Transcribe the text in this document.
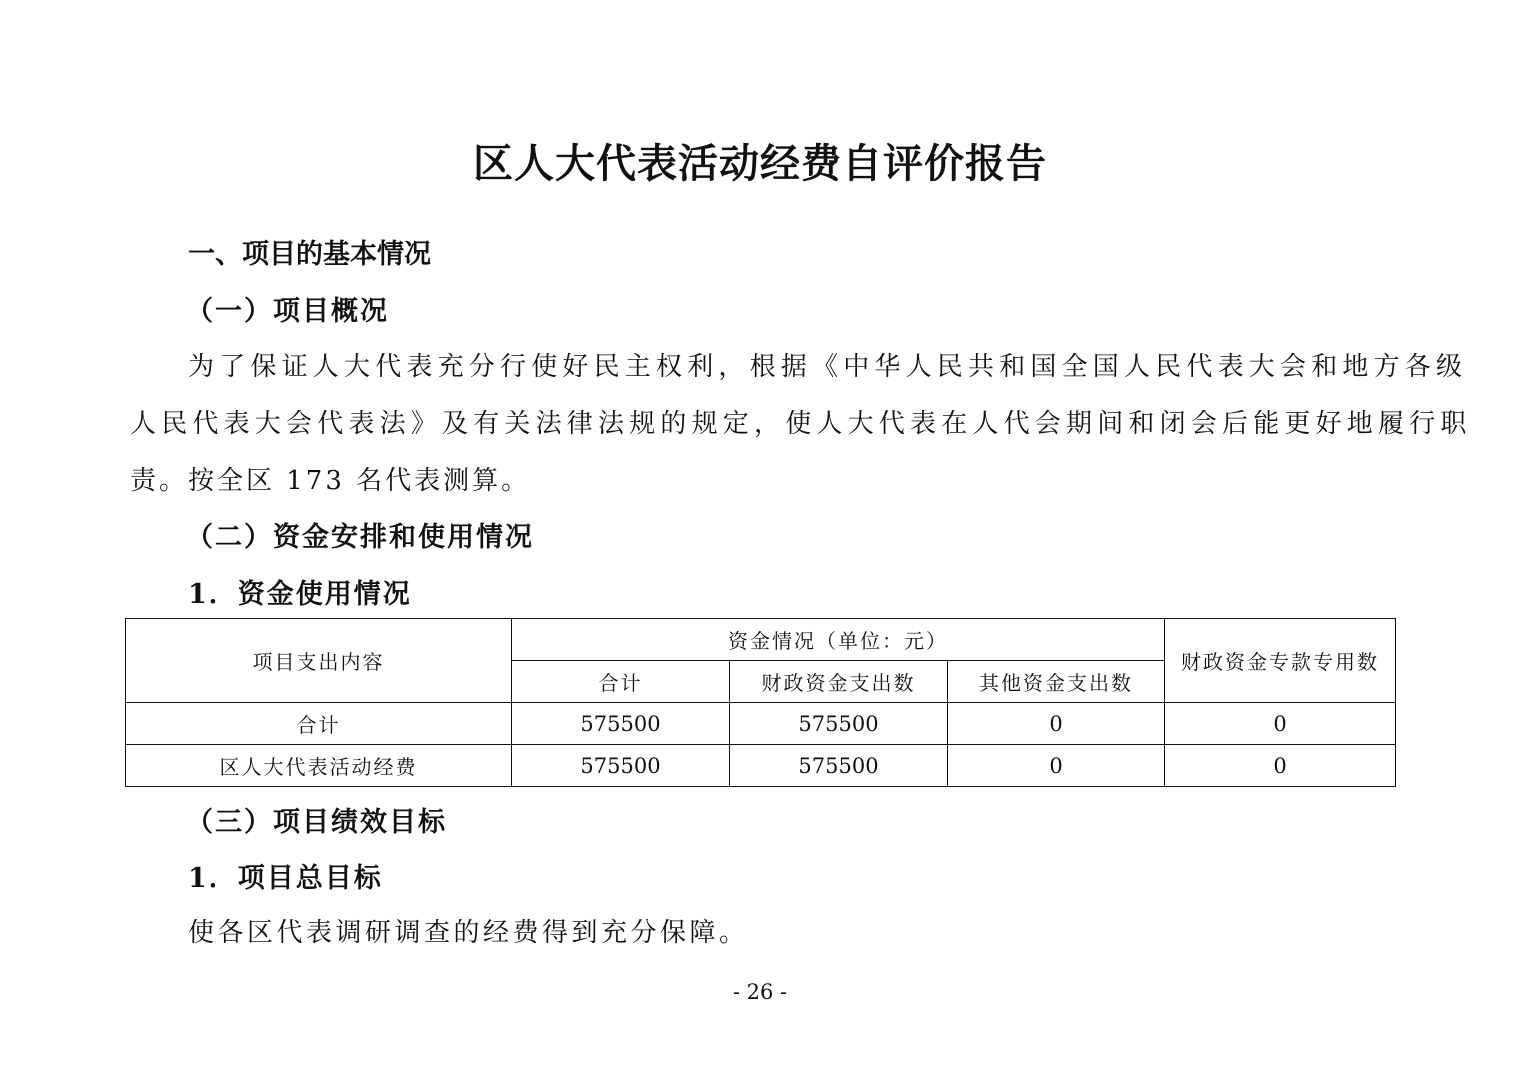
区人大代表活动经费自评价报告
一、项目的基本情况
（一）项目概况
为了保证人大代表充分行使好民主权利，根据《中华人民共和国全国人民代表大会和地方各级
人民代表大会代表法》及有关法律法规的规定，使人大代表在人代会期间和闭会后能更好地履行职
责。按全区 173 名代表测算。
（二）资金安排和使用情况
1．资金使用情况
项目支出内容	资金情况（单位：元）			财政资金专款专用数
	合计	财政资金支出数	其他资金支出数	
合计	575500	575500	0	0
区人大代表活动经费	575500	575500	0	0
（三）项目绩效目标
1．项目总目标
使各区代表调研调查的经费得到充分保障。
- 26 -
